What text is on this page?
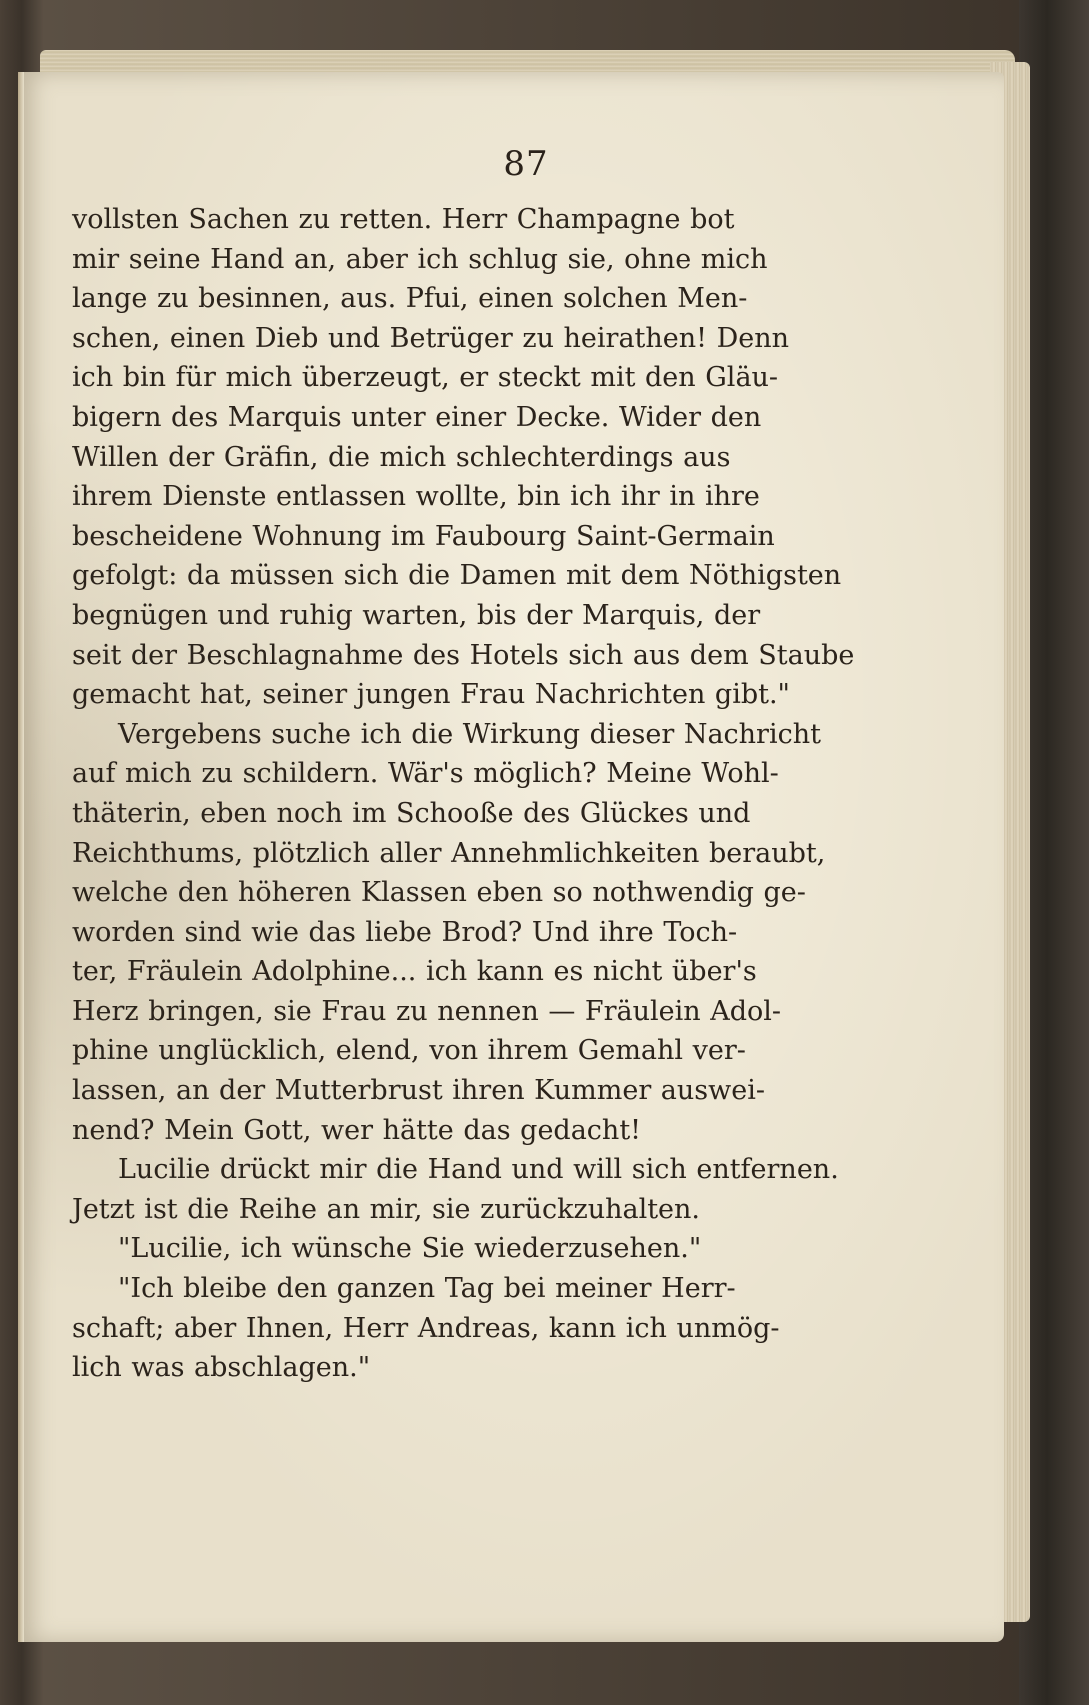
87

vollsten Sachen zu retten. Herr Champagne bot
mir seine Hand an, aber ich schlug sie, ohne mich
lange zu besinnen, aus. Pfui, einen solchen Men-
schen, einen Dieb und Betrüger zu heirathen! Denn
ich bin für mich überzeugt, er steckt mit den Gläu-
bigern des Marquis unter einer Decke. Wider den
Willen der Gräfin, die mich schlechterdings aus
ihrem Dienste entlassen wollte, bin ich ihr in ihre
bescheidene Wohnung im Faubourg Saint-Germain
gefolgt: da müssen sich die Damen mit dem Nöthigsten
begnügen und ruhig warten, bis der Marquis, der
seit der Beschlagnahme des Hotels sich aus dem Staube
gemacht hat, seiner jungen Frau Nachrichten gibt."

Vergebens suche ich die Wirkung dieser Nachricht
auf mich zu schildern. Wär's möglich? Meine Wohl-
thäterin, eben noch im Schooße des Glückes und
Reichthums, plötzlich aller Annehmlichkeiten beraubt,
welche den höheren Klassen eben so nothwendig ge-
worden sind wie das liebe Brod? Und ihre Toch-
ter, Fräulein Adolphine... ich kann es nicht über's
Herz bringen, sie Frau zu nennen — Fräulein Adol-
phine unglücklich, elend, von ihrem Gemahl ver-
lassen, an der Mutterbrust ihren Kummer auswei-
nend? Mein Gott, wer hätte das gedacht!

Lucilie drückt mir die Hand und will sich entfernen.
Jetzt ist die Reihe an mir, sie zurückzuhalten.

"Lucilie, ich wünsche Sie wiederzusehen."

"Ich bleibe den ganzen Tag bei meiner Herr-
schaft; aber Ihnen, Herr Andreas, kann ich unmög-
lich was abschlagen."
